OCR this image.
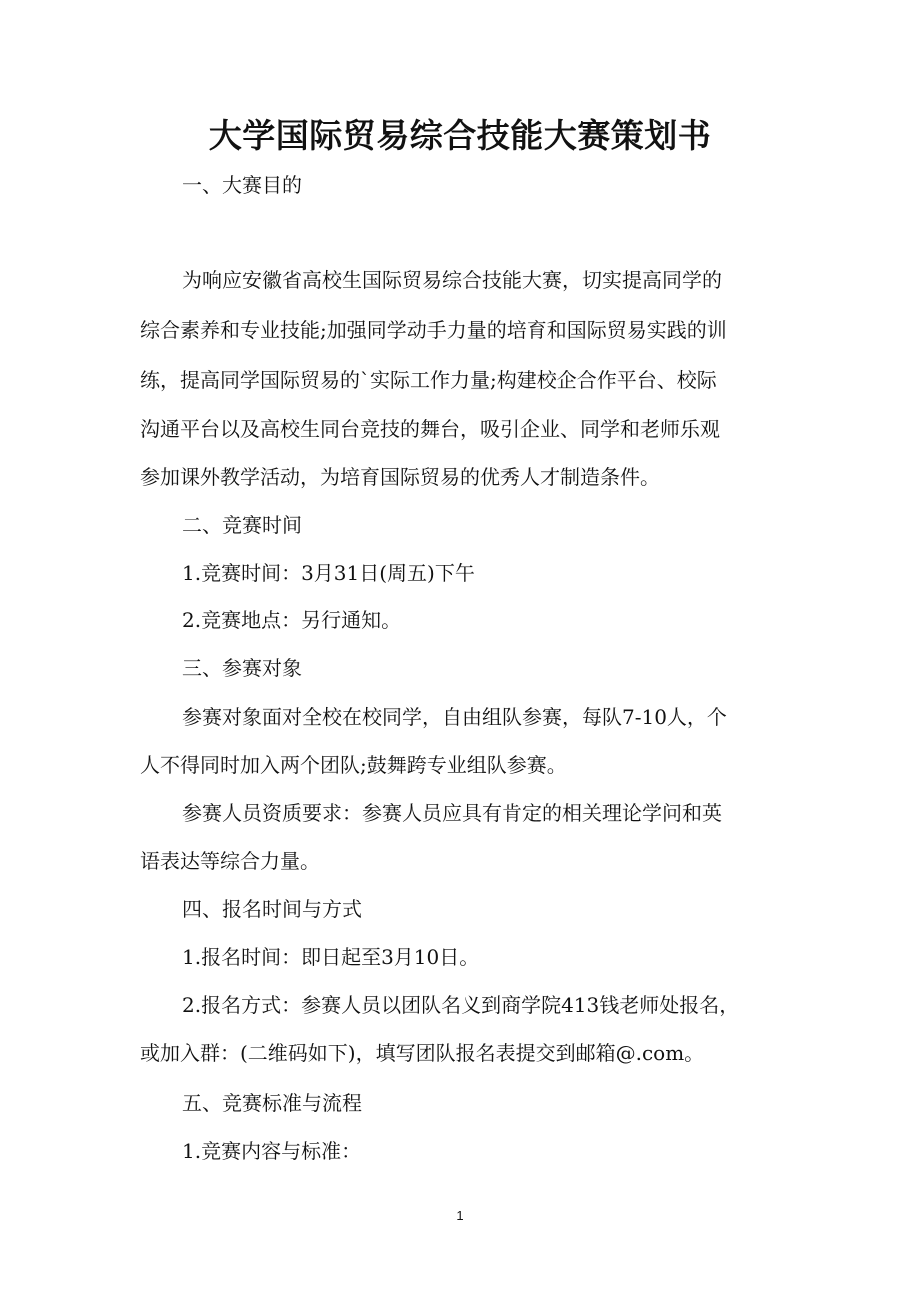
大学国际贸易综合技能大赛策划书
一、大赛目的
为响应安徽省高校生国际贸易综合技能大赛，切实提高同学的
综合素养和专业技能;加强同学动手力量的培育和国际贸易实践的训
练，提高同学国际贸易的`实际工作力量;构建校企合作平台、校际
沟通平台以及高校生同台竞技的舞台，吸引企业、同学和老师乐观
参加课外教学活动，为培育国际贸易的优秀人才制造条件。
二、竞赛时间
1.竞赛时间：3月31日(周五)下午
2.竞赛地点：另行通知。
三、参赛对象
参赛对象面对全校在校同学，自由组队参赛，每队7-10人，个
人不得同时加入两个团队;鼓舞跨专业组队参赛。
参赛人员资质要求：参赛人员应具有肯定的相关理论学问和英
语表达等综合力量。
四、报名时间与方式
1.报名时间：即日起至3月10日。
2.报名方式：参赛人员以团队名义到商学院413钱老师处报名，
或加入群：(二维码如下)，填写团队报名表提交到邮箱@.com。
五、竞赛标准与流程
1.竞赛内容与标准：
1
